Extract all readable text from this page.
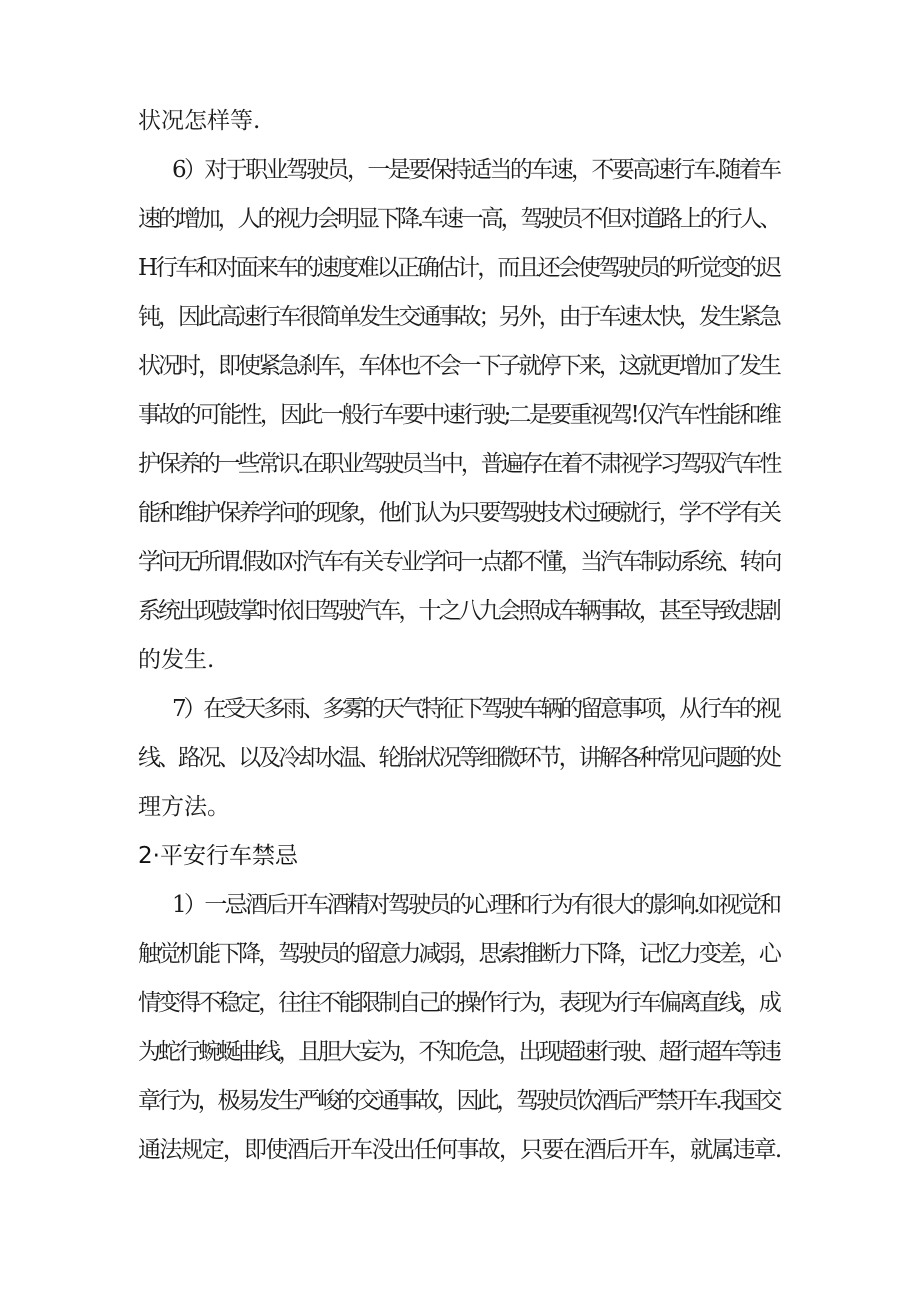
状况怎样等.
6）对于职业驾驶员，一是要保持适当的车速，不要高速行车.随着车
速的增加，人的视力会明显下降.车速一高，驾驶员不但对道路上的行人、
H行车和对面来车的速度难以正确估计，而且还会使驾驶员的听觉变的迟
钝，因此高速行车很简单发生交通事故；另外，由于车速太快，发生紧急
状况时，即使紧急刹车，车体也不会一下子就停下来，这就更增加了发生
事故的可能性，因此一般行车要中速行驶;二是要重视驾!仅汽车性能和维
护保养的一些常识.在职业驾驶员当中，普遍存在着不肃视学习驾驭汽车性
能和维护保养学问的现象，他们认为只要驾驶技术过硬就行，学不学有关
学问无所谓.假如对汽车有关专业学问一点都不懂，当汽车制动系统、转向
系统出现鼓掌时依旧驾驶汽车，十之八九会照成车辆事故，甚至导致悲剧
的发生.
7）在受天多雨、多雾的天气特征下驾驶车辆的留意事项，从行车的视
线、路况、以及冷却水温、轮胎状况等细微环节，讲解各种常见问题的处
理方法。
2·平安行车禁忌
1）一忌酒后开车酒精对驾驶员的心理和行为有很大的影响.如视觉和
触觉机能下降，驾驶员的留意力减弱，思索推断力下降，记忆力变差，心
情变得不稳定，往往不能限制自己的操作行为，表现为行车偏离直线，成
为蛇行蜿蜒曲线，且胆大妄为，不知危急，出现超速行驶、超行超车等违
章行为，极易发生严峻的交通事故，因此，驾驶员饮酒后严禁开车.我国交
通法规定，即使酒后开车没出任何事故，只要在酒后开车，就属违章.
